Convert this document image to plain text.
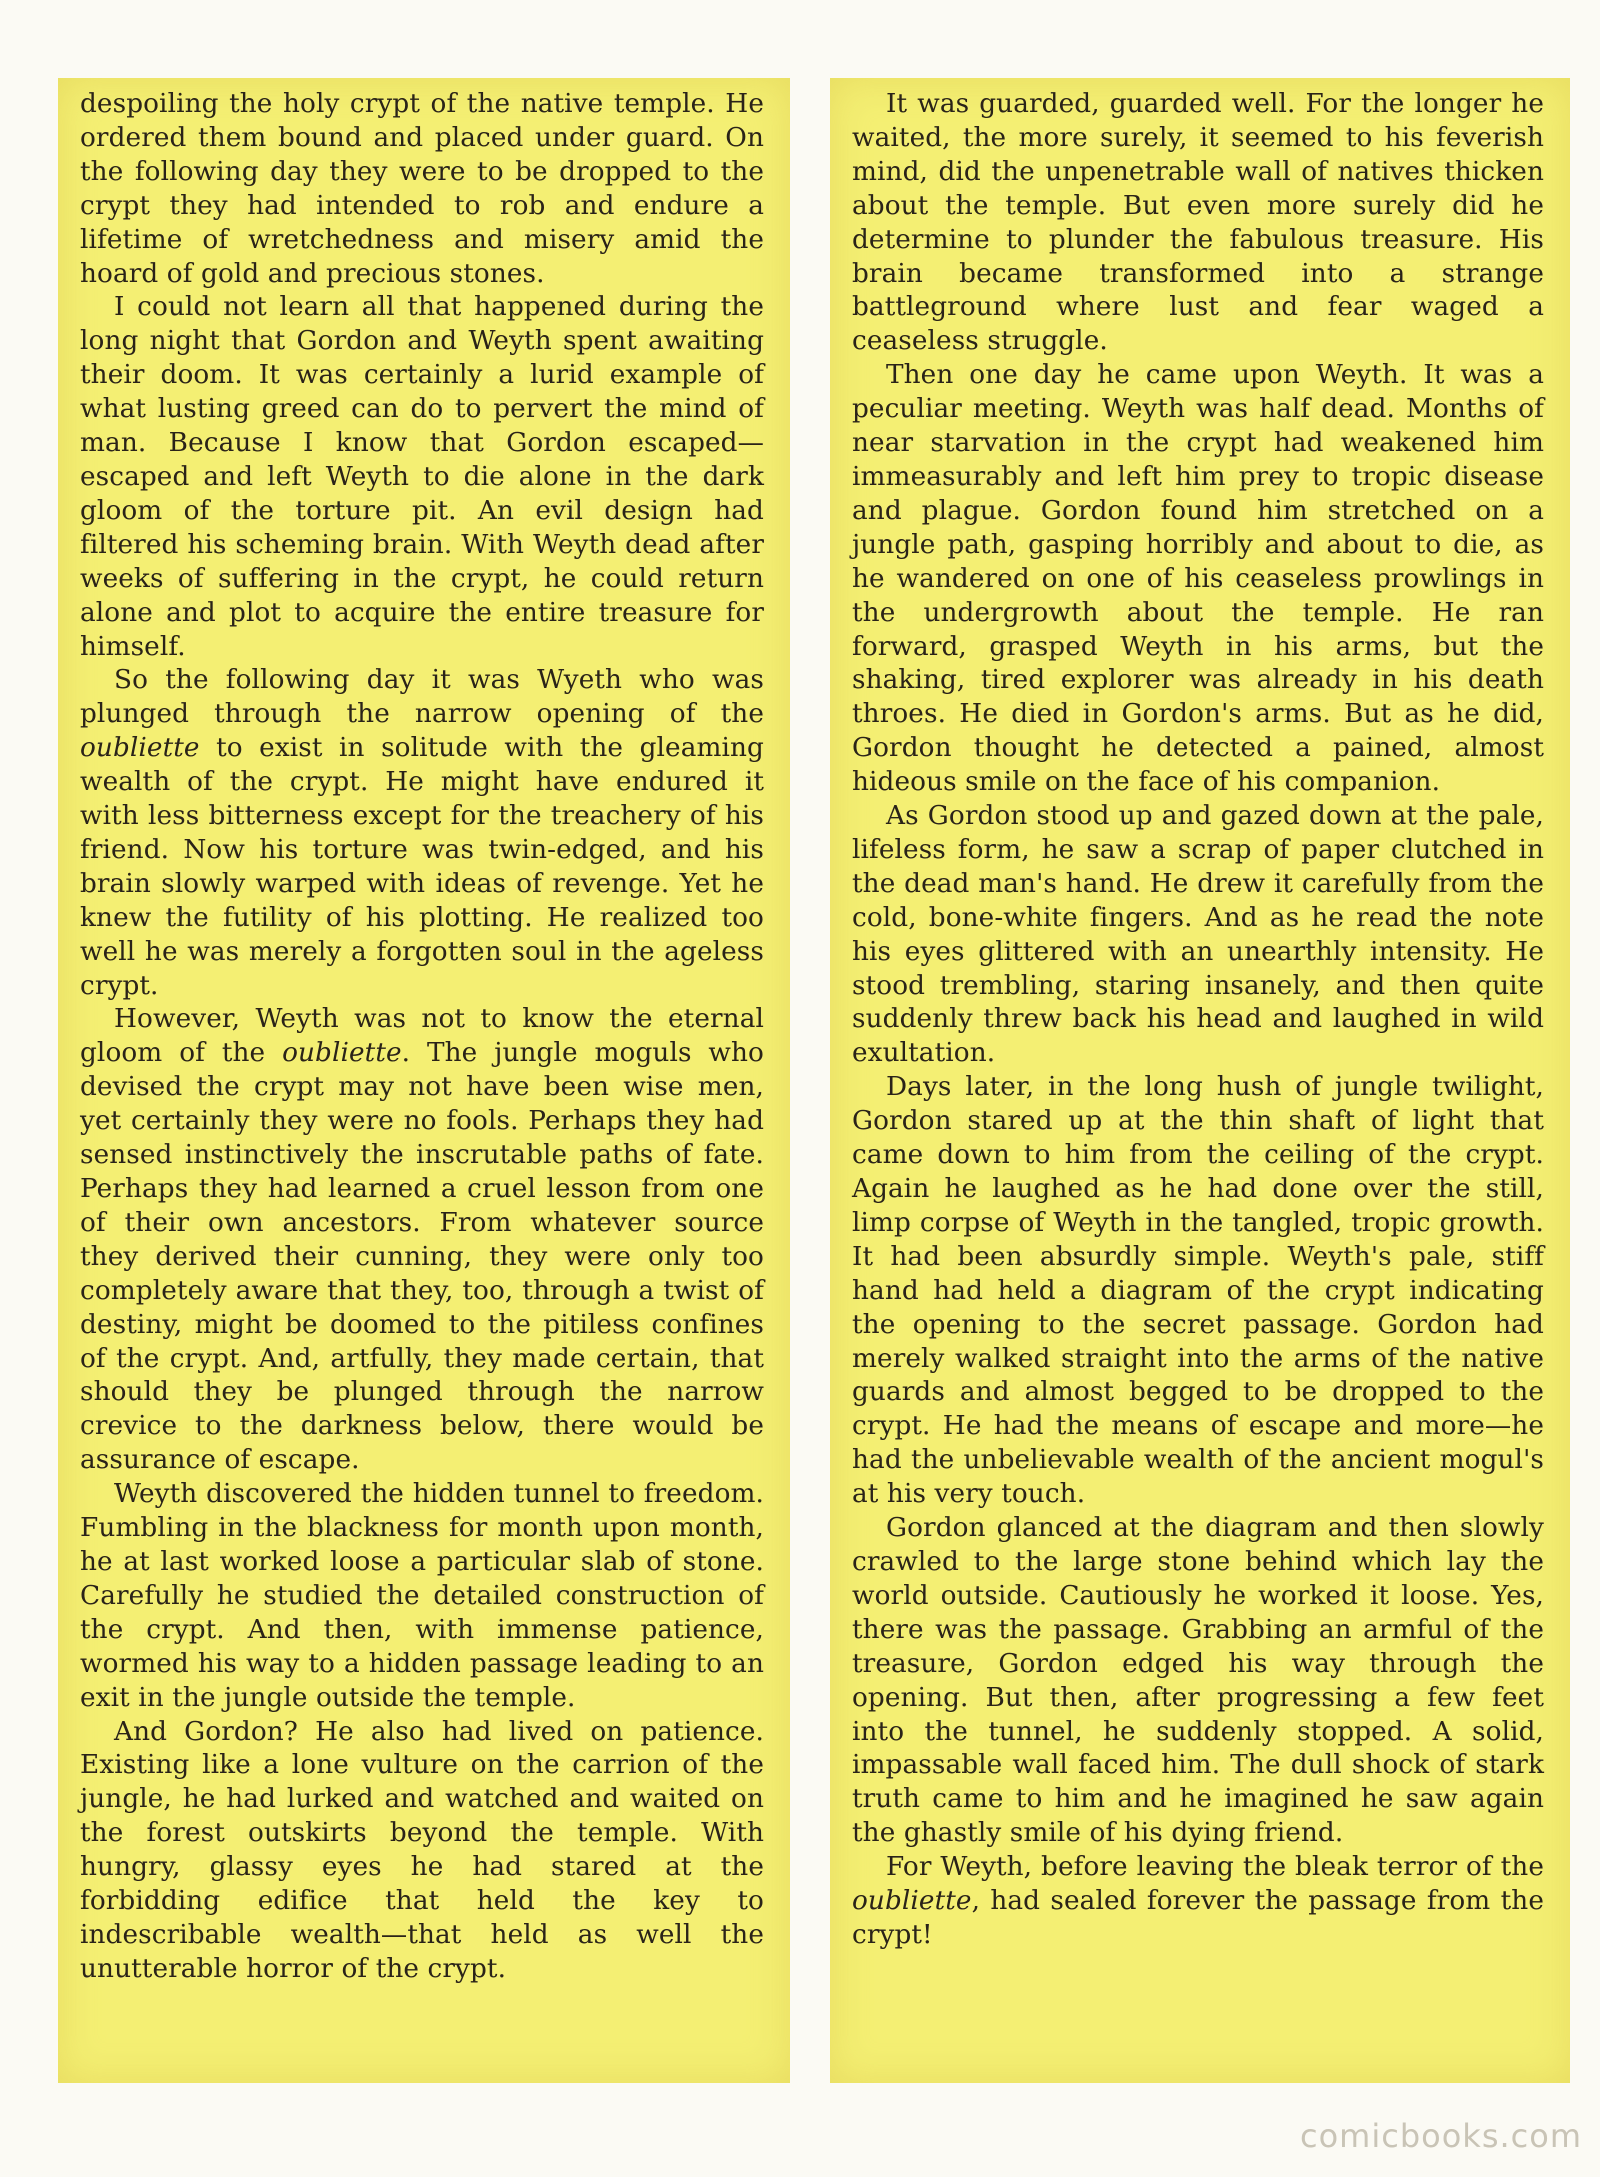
despoiling the holy crypt of the native temple. He ordered them bound and placed under guard. On the following day they were to be dropped to the crypt they had intended to rob and endure a lifetime of wretchedness and misery amid the hoard of gold and precious stones.

I could not learn all that happened during the long night that Gordon and Weyth spent awaiting their doom. It was certainly a lurid example of what lusting greed can do to pervert the mind of man. Because I know that Gordon escaped—escaped and left Weyth to die alone in the dark gloom of the torture pit. An evil design had filtered his scheming brain. With Weyth dead after weeks of suffering in the crypt, he could return alone and plot to acquire the entire treasure for himself.

So the following day it was Wyeth who was plunged through the narrow opening of the oubliette to exist in solitude with the gleaming wealth of the crypt. He might have endured it with less bitterness except for the treachery of his friend. Now his torture was twin-edged, and his brain slowly warped with ideas of revenge. Yet he knew the futility of his plotting. He realized too well he was merely a forgotten soul in the ageless crypt.

However, Weyth was not to know the eternal gloom of the oubliette. The jungle moguls who devised the crypt may not have been wise men, yet certainly they were no fools. Perhaps they had sensed instinctively the inscrutable paths of fate. Perhaps they had learned a cruel lesson from one of their own ancestors. From whatever source they derived their cunning, they were only too completely aware that they, too, through a twist of destiny, might be doomed to the pitiless confines of the crypt. And, artfully, they made certain, that should they be plunged through the narrow crevice to the darkness below, there would be assurance of escape.

Weyth discovered the hidden tunnel to freedom. Fumbling in the blackness for month upon month, he at last worked loose a particular slab of stone. Carefully he studied the detailed construction of the crypt. And then, with immense patience, wormed his way to a hidden passage leading to an exit in the jungle outside the temple.

And Gordon? He also had lived on patience. Existing like a lone vulture on the carrion of the jungle, he had lurked and watched and waited on the forest outskirts beyond the temple. With hungry, glassy eyes he had stared at the forbidding edifice that held the key to indescribable wealth—that held as well the unutterable horror of the crypt.

It was guarded, guarded well. For the longer he waited, the more surely, it seemed to his feverish mind, did the unpenetrable wall of natives thicken about the temple. But even more surely did he determine to plunder the fabulous treasure. His brain became transformed into a strange battleground where lust and fear waged a ceaseless struggle.

Then one day he came upon Weyth. It was a peculiar meeting. Weyth was half dead. Months of near starvation in the crypt had weakened him immeasurably and left him prey to tropic disease and plague. Gordon found him stretched on a jungle path, gasping horribly and about to die, as he wandered on one of his ceaseless prowlings in the undergrowth about the temple. He ran forward, grasped Weyth in his arms, but the shaking, tired explorer was already in his death throes. He died in Gordon's arms. But as he did, Gordon thought he detected a pained, almost hideous smile on the face of his companion.

As Gordon stood up and gazed down at the pale, lifeless form, he saw a scrap of paper clutched in the dead man's hand. He drew it carefully from the cold, bone-white fingers. And as he read the note his eyes glittered with an unearthly intensity. He stood trembling, staring insanely, and then quite suddenly threw back his head and laughed in wild exultation.

Days later, in the long hush of jungle twilight, Gordon stared up at the thin shaft of light that came down to him from the ceiling of the crypt. Again he laughed as he had done over the still, limp corpse of Weyth in the tangled, tropic growth. It had been absurdly simple. Weyth's pale, stiff hand had held a diagram of the crypt indicating the opening to the secret passage. Gordon had merely walked straight into the arms of the native guards and almost begged to be dropped to the crypt. He had the means of escape and more—he had the unbelievable wealth of the ancient mogul's at his very touch.

Gordon glanced at the diagram and then slowly crawled to the large stone behind which lay the world outside. Cautiously he worked it loose. Yes, there was the passage. Grabbing an armful of the treasure, Gordon edged his way through the opening. But then, after progressing a few feet into the tunnel, he suddenly stopped. A solid, impassable wall faced him. The dull shock of stark truth came to him and he imagined he saw again the ghastly smile of his dying friend.

For Weyth, before leaving the bleak terror of the oubliette, had sealed forever the passage from the crypt!

comicbooks.com
